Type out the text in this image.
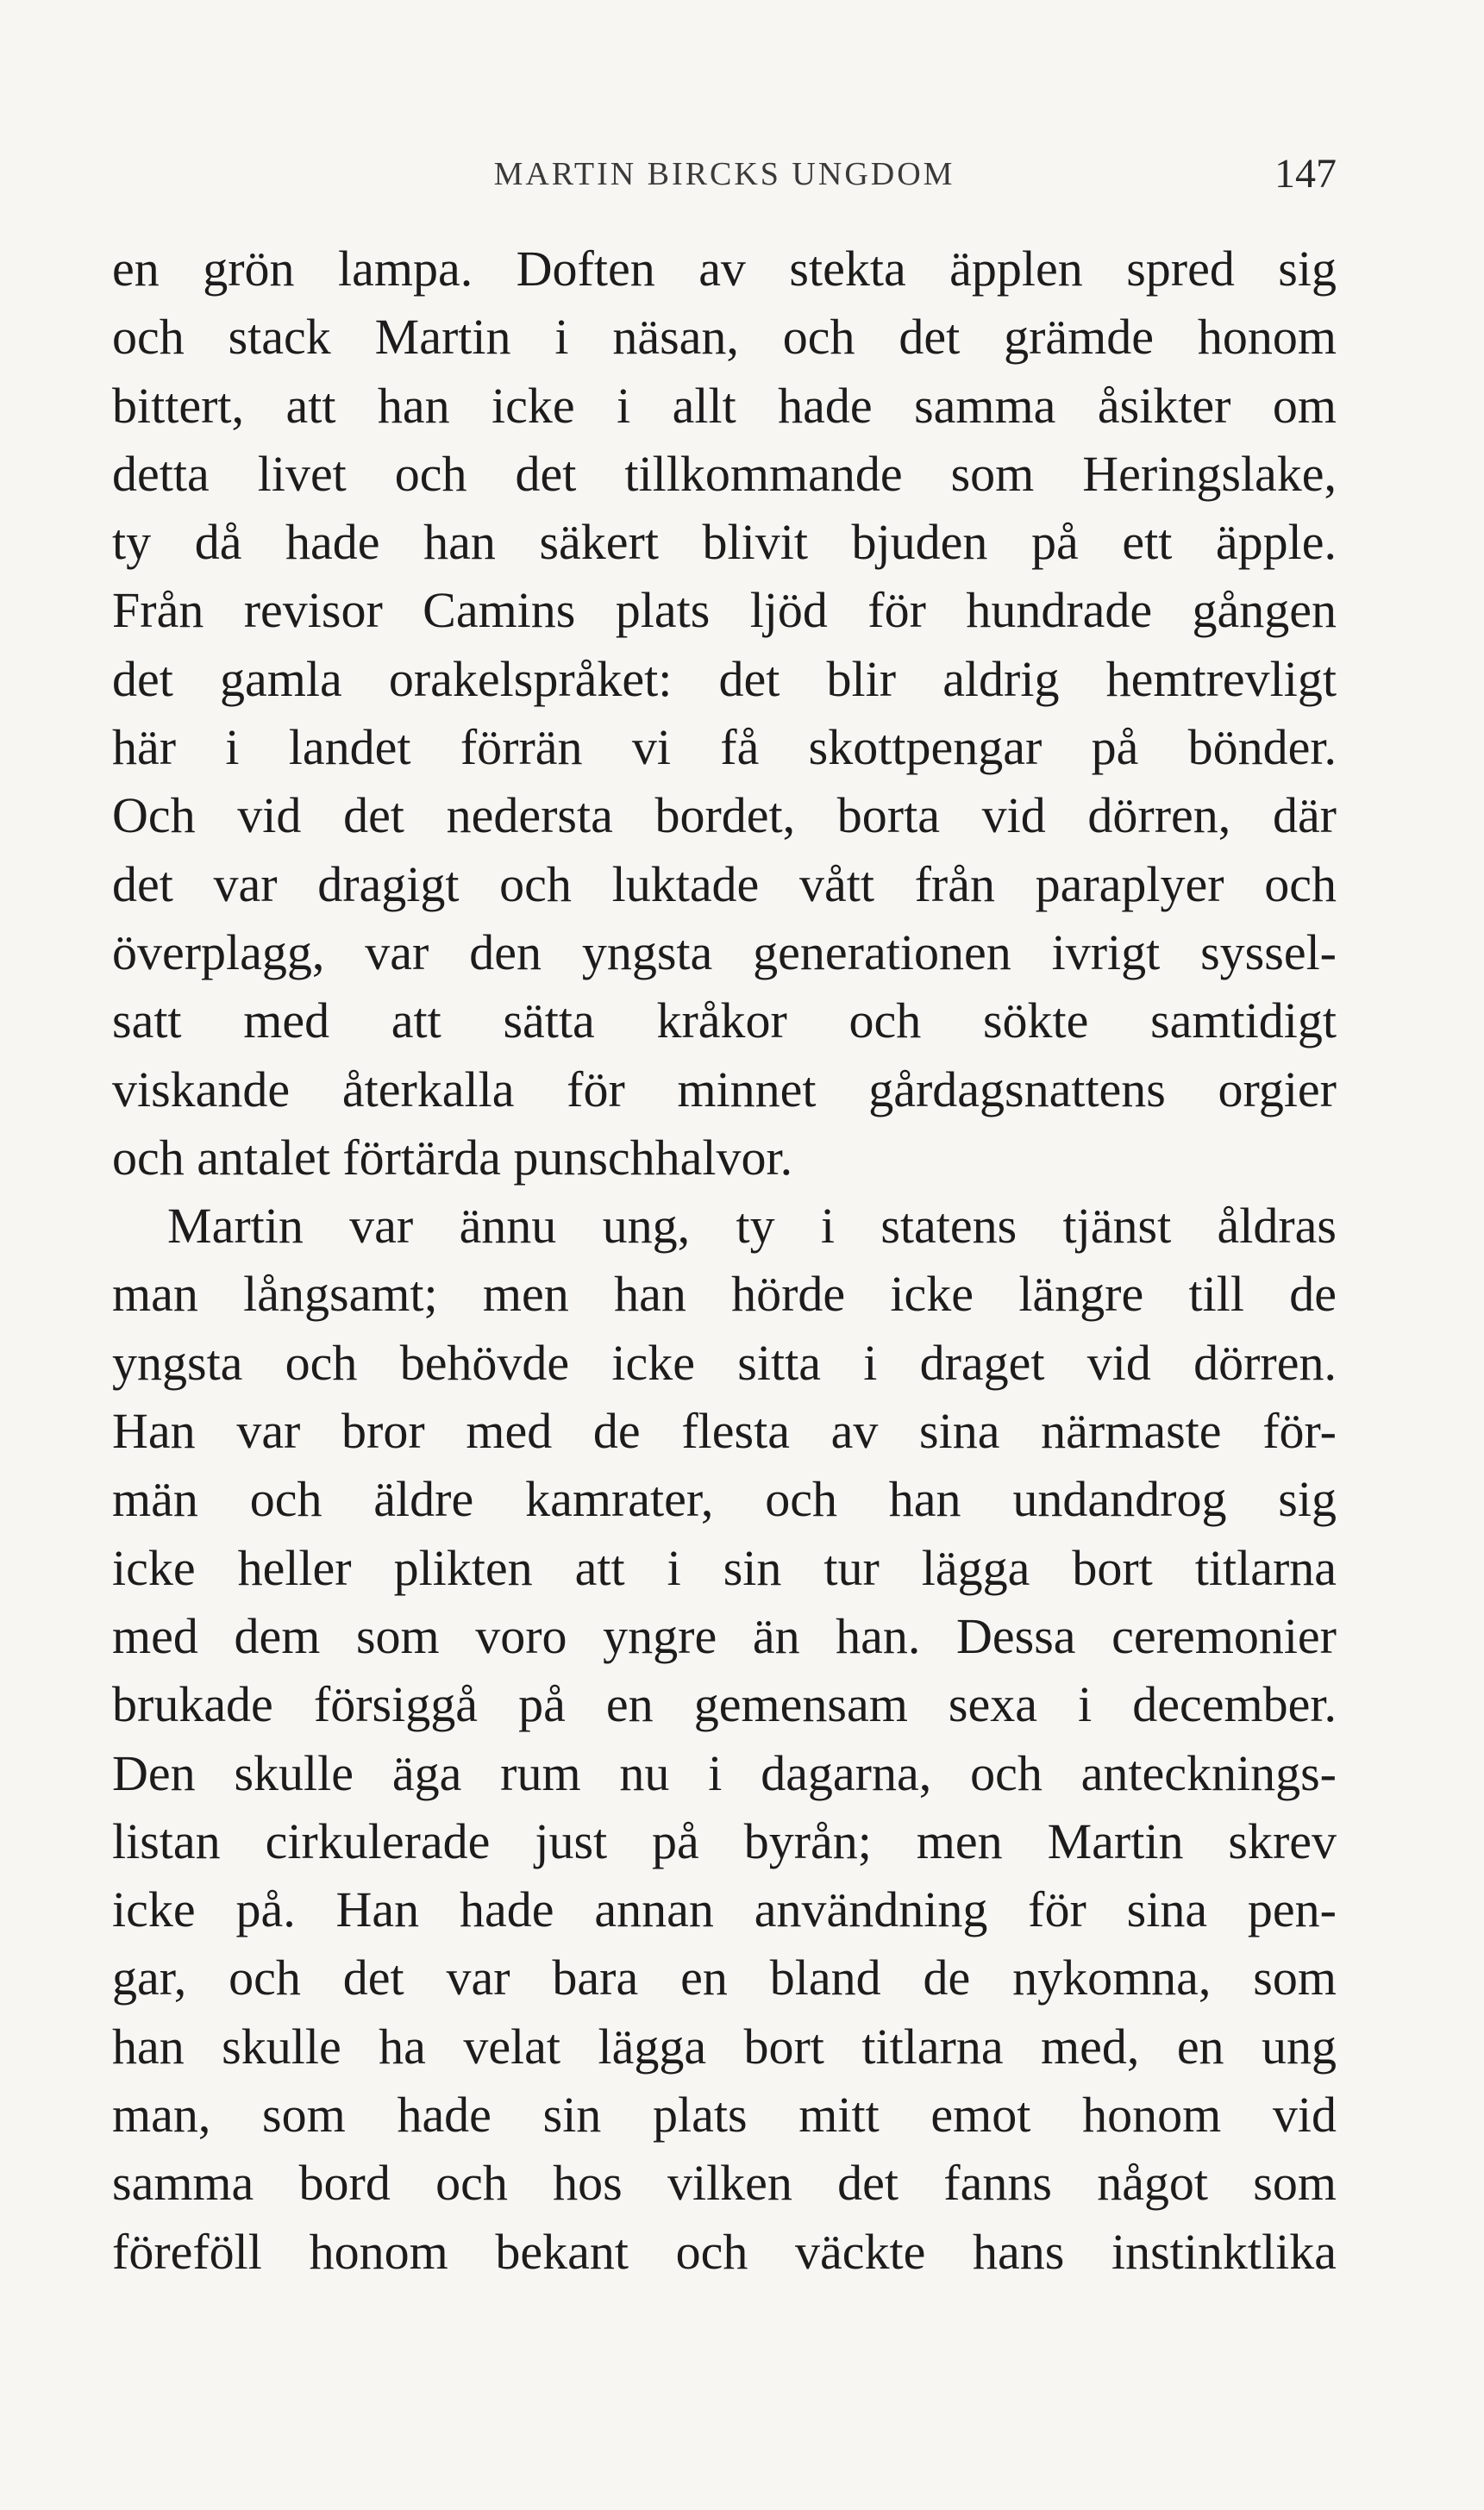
MARTIN BIRCKS UNGDOM	147
en grön lampa. Doften av stekta äpplen spred sig
och stack Martin i näsan, och det grämde honom
bittert, att han icke i allt hade samma åsikter om
detta livet och det tillkommande som Heringslake,
ty då hade han säkert blivit bjuden på ett äpple.
Från revisor Camins plats ljöd för hundrade gången
det gamla orakelspråket: det blir aldrig hemtrevligt
här i landet förrän vi få skottpengar på bönder.
Och vid det nedersta bordet, borta vid dörren, där
det var dragigt och luktade vått från paraplyer och
överplagg, var den yngsta generationen ivrigt syssel-
satt med att sätta kråkor och sökte samtidigt
viskande återkalla för minnet gårdagsnattens orgier
och antalet förtärda punschhalvor.
Martin var ännu ung, ty i statens tjänst åldras
man långsamt; men han hörde icke längre till de
yngsta och behövde icke sitta i draget vid dörren.
Han var bror med de flesta av sina närmaste för-
män och äldre kamrater, och han undandrog sig
icke heller plikten att i sin tur lägga bort titlarna
med dem som voro yngre än han. Dessa ceremonier
brukade försiggå på en gemensam sexa i december.
Den skulle äga rum nu i dagarna, och antecknings-
listan cirkulerade just på byrån; men Martin skrev
icke på. Han hade annan användning för sina pen-
gar, och det var bara en bland de nykomna, som
han skulle ha velat lägga bort titlarna med, en ung
man, som hade sin plats mitt emot honom vid
samma bord och hos vilken det fanns något som
föreföll honom bekant och väckte hans instinktlika
